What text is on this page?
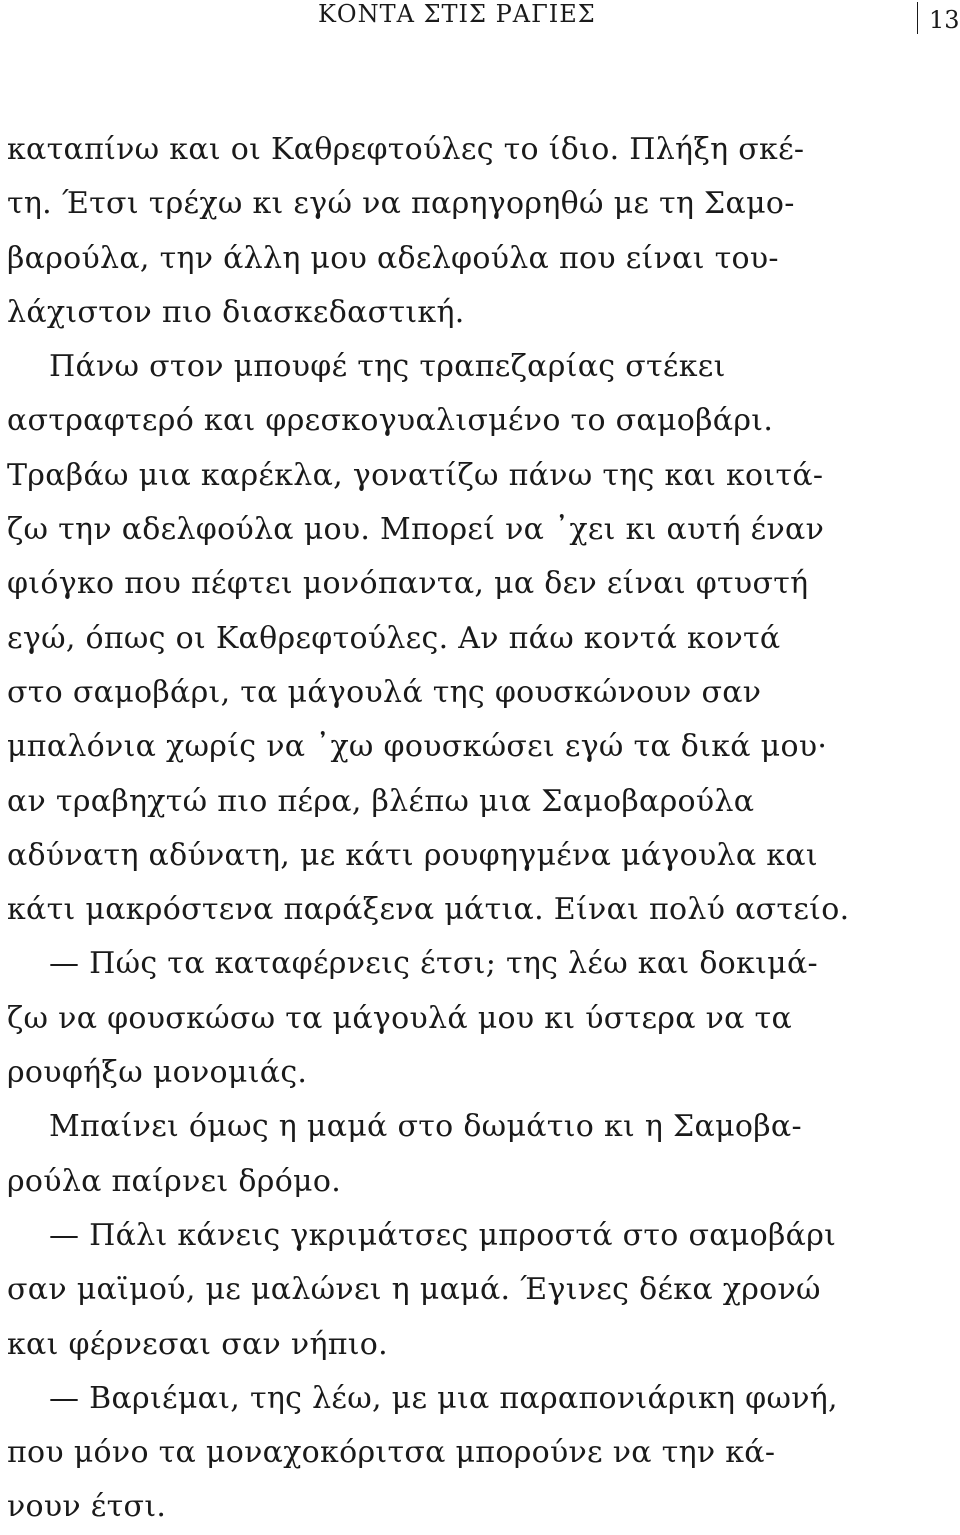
ΚΟΝΤΑ ΣΤΙΣ ΡΑΓΙΕΣ	13
καταπίνω και οι Καθρεφτούλες το ίδιο. Πλήξη σκέ-
τη. Έτσι τρέχω κι εγώ να παρηγορηθώ με τη Σαμο-
βαρούλα, την άλλη μου αδελφούλα που είναι του-
λάχιστον πιο διασκεδαστική.
Πάνω στον μπουφέ της τραπεζαρίας στέκει
αστραφτερό και φρεσκογυαλισμένο το σαμοβάρι.
Τραβάω μια καρέκλα, γονατίζω πάνω της και κοιτά-
ζω την αδελφούλα μου. Μπορεί να ᾽χει κι αυτή έναν
φιόγκο που πέφτει μονόπαντα, μα δεν είναι φτυστή
εγώ, όπως οι Καθρεφτούλες. Αν πάω κοντά κοντά
στο σαμοβάρι, τα μάγουλά της φουσκώνουν σαν
μπαλόνια χωρίς να ᾽χω φουσκώσει εγώ τα δικά μου·
αν τραβηχτώ πιο πέρα, βλέπω μια Σαμοβαρούλα
αδύνατη αδύνατη, με κάτι ρουφηγμένα μάγουλα και
κάτι μακρόστενα παράξενα μάτια. Είναι πολύ αστείο.
— Πώς τα καταφέρνεις έτσι; της λέω και δοκιμά-
ζω να φουσκώσω τα μάγουλά μου κι ύστερα να τα
ρουφήξω μονομιάς.
Μπαίνει όμως η μαμά στο δωμάτιο κι η Σαμοβα-
ρούλα παίρνει δρόμο.
— Πάλι κάνεις γκριμάτσες μπροστά στο σαμοβάρι
σαν μαϊμού, με μαλώνει η μαμά. Έγινες δέκα χρονώ
και φέρνεσαι σαν νήπιο.
— Βαριέμαι, της λέω, με μια παραπονιάρικη φωνή,
που μόνο τα μοναχοκόριτσα μπορούνε να την κά-
νουν έτσι.
